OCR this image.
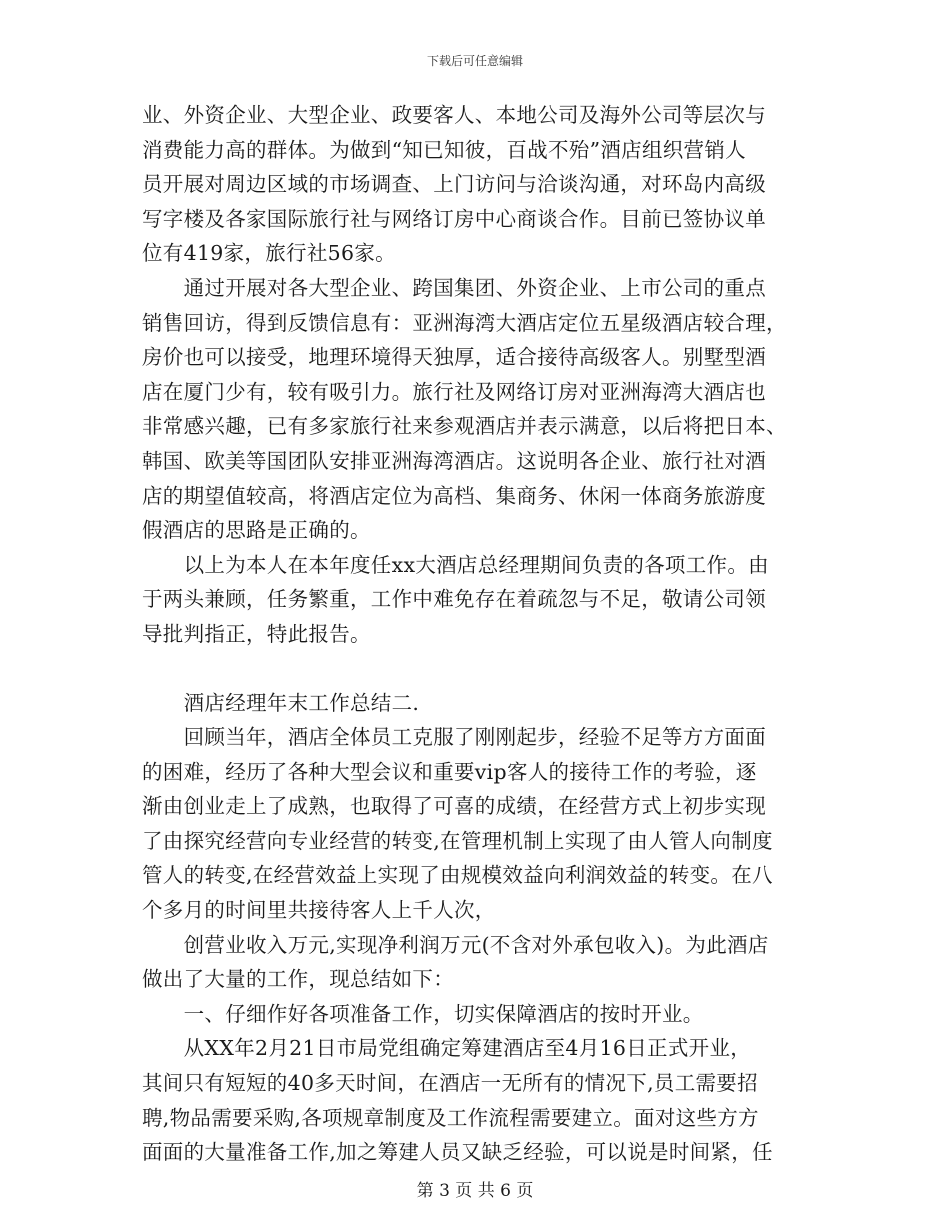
下载后可任意编辑

业、外资企业、大型企业、政要客人、本地公司及海外公司等层次与
消费能力高的群体。为做到“知已知彼，百战不殆”酒店组织营销人
员开展对周边区域的市场调查、上门访问与洽谈沟通，对环岛内高级
写字楼及各家国际旅行社与网络订房中心商谈合作。目前已签协议单
位有419家，旅行社56家。

　　通过开展对各大型企业、跨国集团、外资企业、上市公司的重点
销售回访，得到反馈信息有：亚洲海湾大酒店定位五星级酒店较合理，
房价也可以接受，地理环境得天独厚，适合接待高级客人。别墅型酒
店在厦门少有，较有吸引力。旅行社及网络订房对亚洲海湾大酒店也
非常感兴趣，已有多家旅行社来参观酒店并表示满意，以后将把日本、
韩国、欧美等国团队安排亚洲海湾酒店。这说明各企业、旅行社对酒
店的期望值较高，将酒店定位为高档、集商务、休闲一体商务旅游度
假酒店的思路是正确的。

　　以上为本人在本年度任xx大酒店总经理期间负责的各项工作。由
于两头兼顾，任务繁重，工作中难免存在着疏忽与不足，敬请公司领
导批判指正，特此报告。

　　酒店经理年末工作总结二.

　　回顾当年，酒店全体员工克服了刚刚起步，经验不足等方方面面
的困难，经历了各种大型会议和重要vip客人的接待工作的考验，逐
渐由创业走上了成熟，也取得了可喜的成绩，在经营方式上初步实现
了由探究经营向专业经营的转变,在管理机制上实现了由人管人向制度
管人的转变,在经营效益上实现了由规模效益向利润效益的转变。在八
个多月的时间里共接待客人上千人次，

　　创营业收入万元,实现净利润万元(不含对外承包收入)。为此酒店
做出了大量的工作，现总结如下：

　　一、仔细作好各项准备工作，切实保障酒店的按时开业。

　　从XX年2月21日市局党组确定筹建酒店至4月16日正式开业，
其间只有短短的40多天时间，在酒店一无所有的情况下,员工需要招
聘,物品需要采购,各项规章制度及工作流程需要建立。面对这些方方
面面的大量准备工作,加之筹建人员又缺乏经验，可以说是时间紧，任

第 3 页 共 6 页
